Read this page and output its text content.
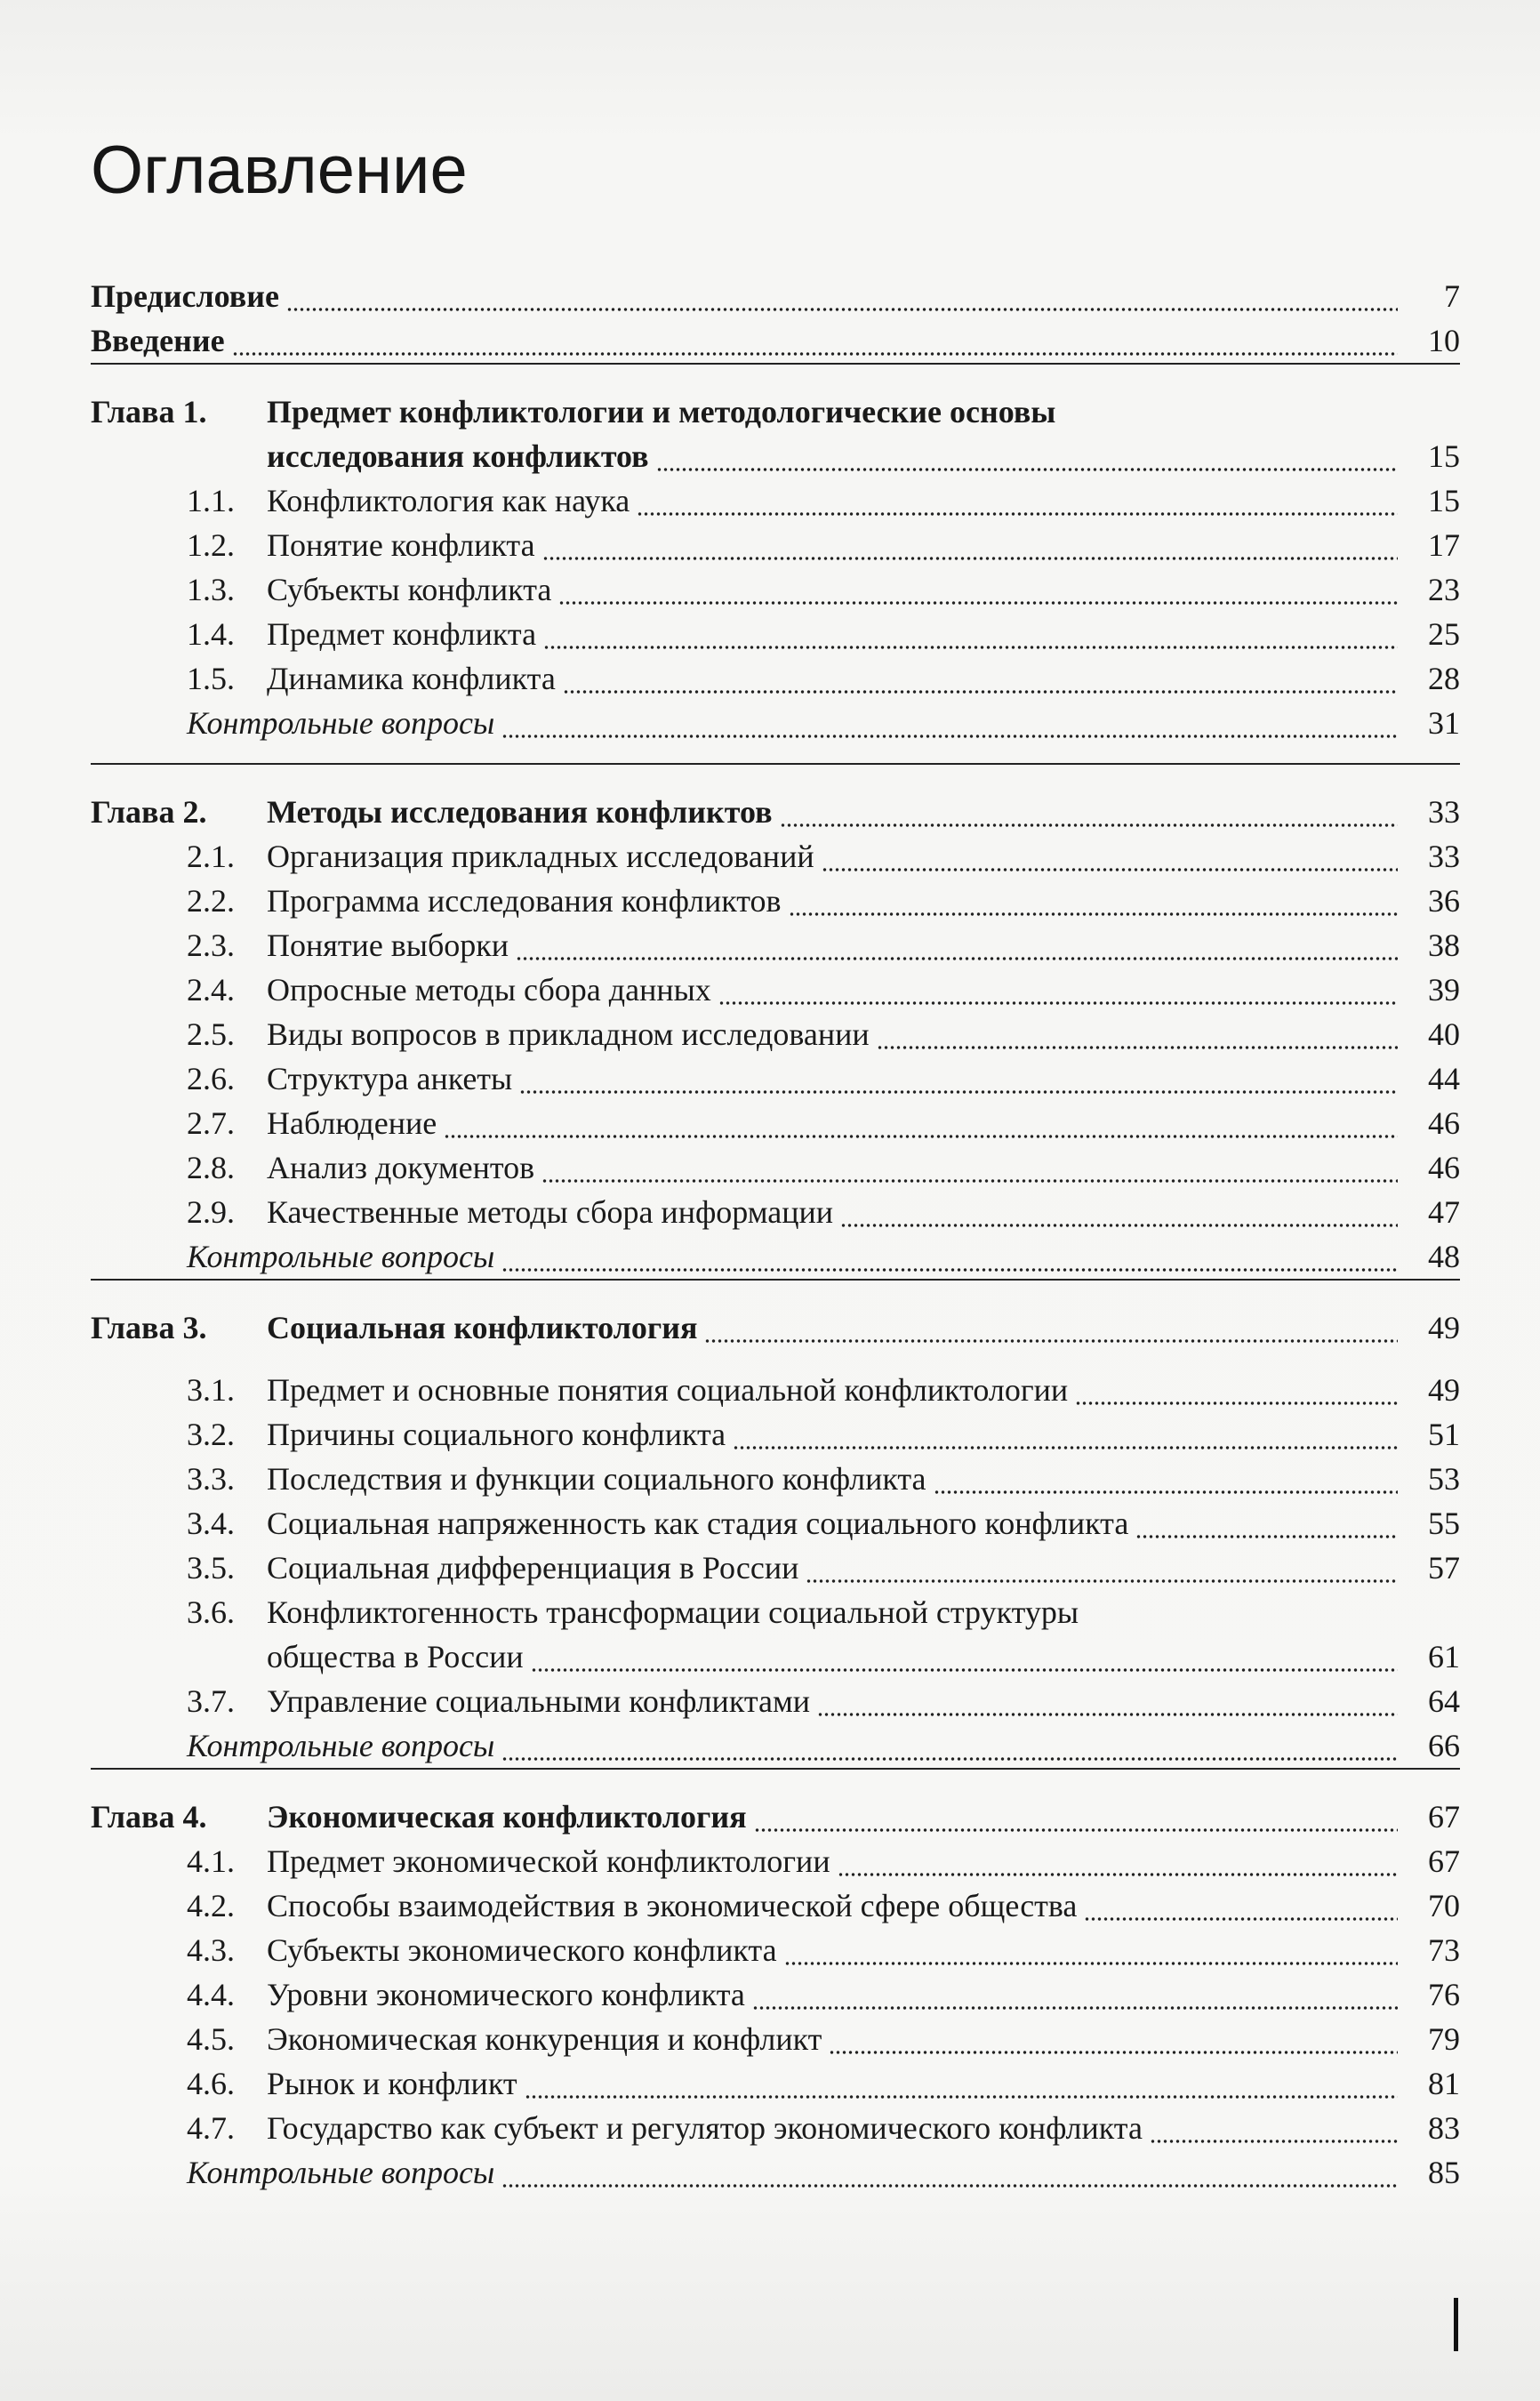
Оглавление
Предисловие	7
Введение	10
Глава 1. Предмет конфликтологии и методологические основы
исследования конфликтов	15
1.1. Конфликтология как наука	15
1.2. Понятие конфликта	17
1.3. Субъекты конфликта	23
1.4. Предмет конфликта	25
1.5. Динамика конфликта	28
Контрольные вопросы	31
Глава 2. Методы исследования конфликтов	33
2.1. Организация прикладных исследований	33
2.2. Программа исследования конфликтов	36
2.3. Понятие выборки	38
2.4. Опросные методы сбора данных	39
2.5. Виды вопросов в прикладном исследовании	40
2.6. Структура анкеты	44
2.7. Наблюдение	46
2.8. Анализ документов	46
2.9. Качественные методы сбора информации	47
Контрольные вопросы	48
Глава 3. Социальная конфликтология	49
3.1. Предмет и основные понятия социальной конфликтологии	49
3.2. Причины социального конфликта	51
3.3. Последствия и функции социального конфликта	53
3.4. Социальная напряженность как стадия социального конфликта	55
3.5. Социальная дифференциация в России	57
3.6. Конфликтогенность трансформации социальной структуры
общества в России	61
3.7. Управление социальными конфликтами	64
Контрольные вопросы	66
Глава 4. Экономическая конфликтология	67
4.1. Предмет экономической конфликтологии	67
4.2. Способы взаимодействия в экономической сфере общества	70
4.3. Субъекты экономического конфликта	73
4.4. Уровни экономического конфликта	76
4.5. Экономическая конкуренция и конфликт	79
4.6. Рынок и конфликт	81
4.7. Государство как субъект и регулятор экономического конфликта	83
Контрольные вопросы	85
